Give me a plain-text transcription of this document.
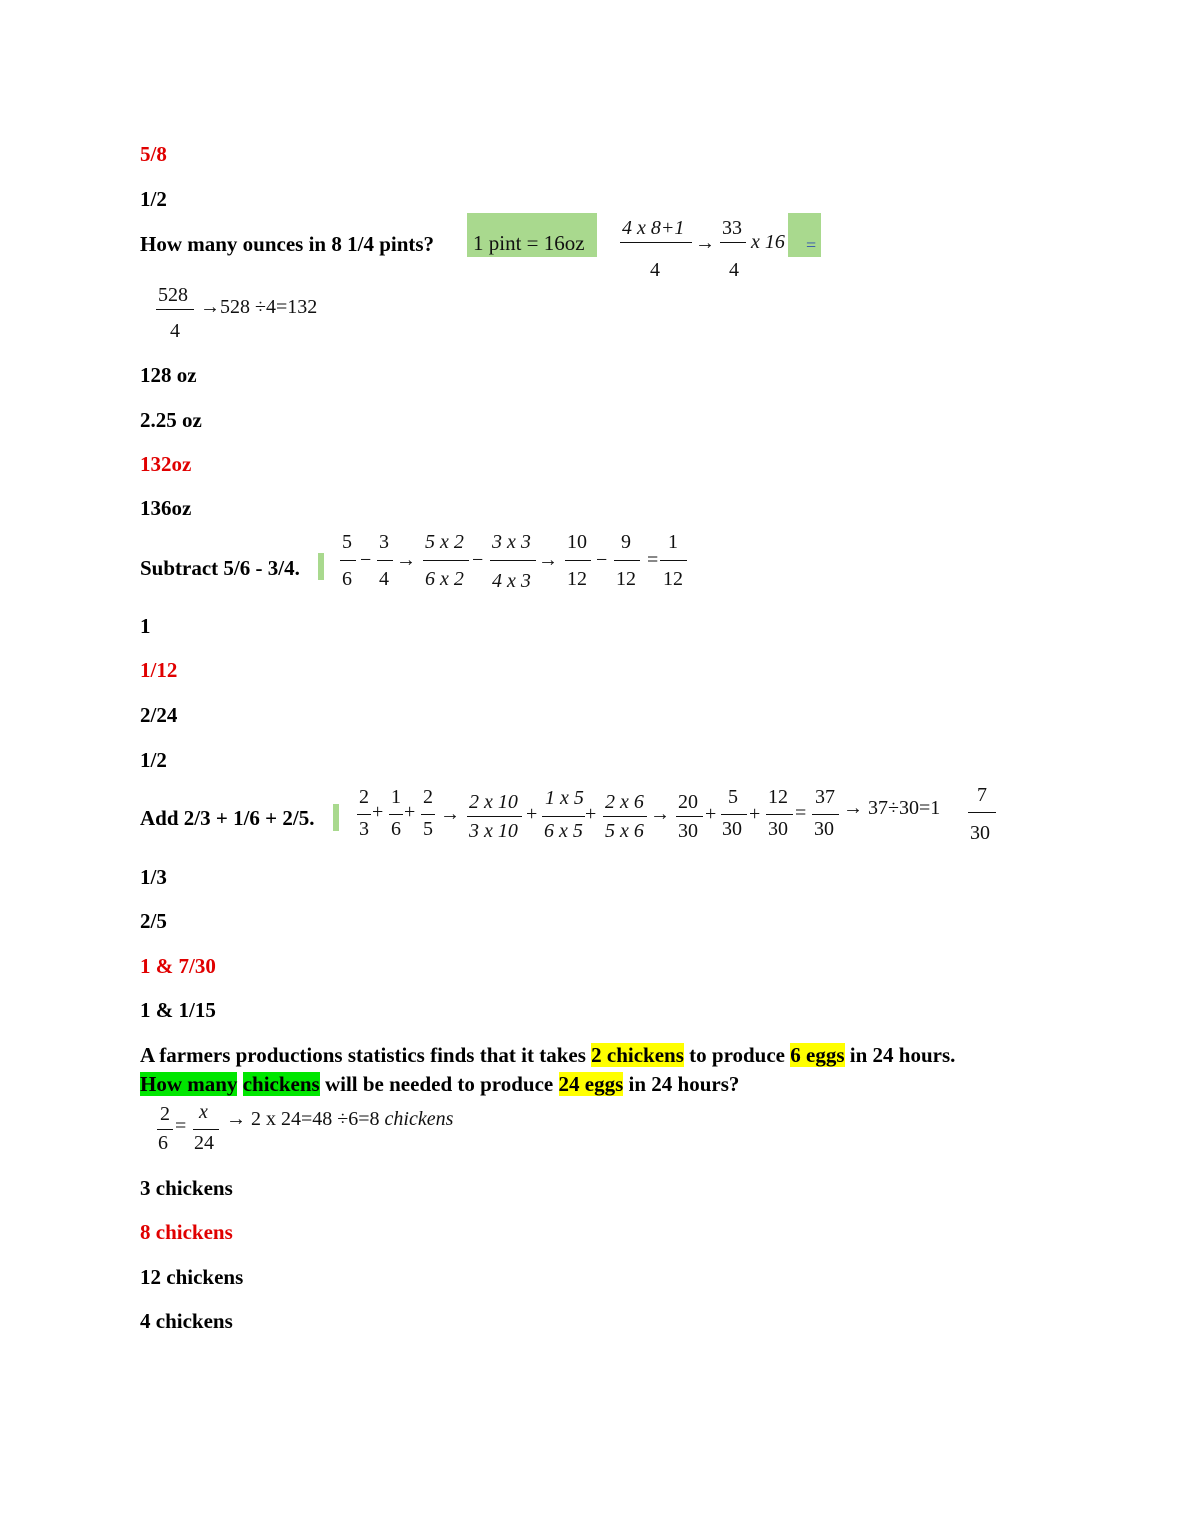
5/8
1/2
How many ounces in 8 1/4 pints? 1 pint = 16oz
4 x 8+1
4
→
33
4
x 16 =
528
4
→528 ÷4=132
128 oz
2.25 oz
132oz
136oz
Subtract 5/6 - 3/4.
5
6
−
3
4
→
5 x 2
6 x 2
−
3 x 3
4 x 3
→
10
12
−
9
12
=
1
12
1
1/12
2/24
1/2
Add 2/3 + 1/6 + 2/5.
2
3
+
1
6
+
2
5
→
2 x 10
3 x 10
+
1 x 5
6 x 5
+
2 x 6
5 x 6
→
20
30
+
5
30
+
12
30
=
37
30
→ 37÷30=1
7
30
1/3
2/5
1 & 7/30
1 & 1/15
A farmers productions statistics finds that it takes 2 chickens to produce 6 eggs in 24 hours.
How many chickens will be needed to produce 24 eggs in 24 hours?
2
6
=
x
24
→ 2 x 24=48 ÷6=8 chickens
3 chickens
8 chickens
12 chickens
4 chickens
